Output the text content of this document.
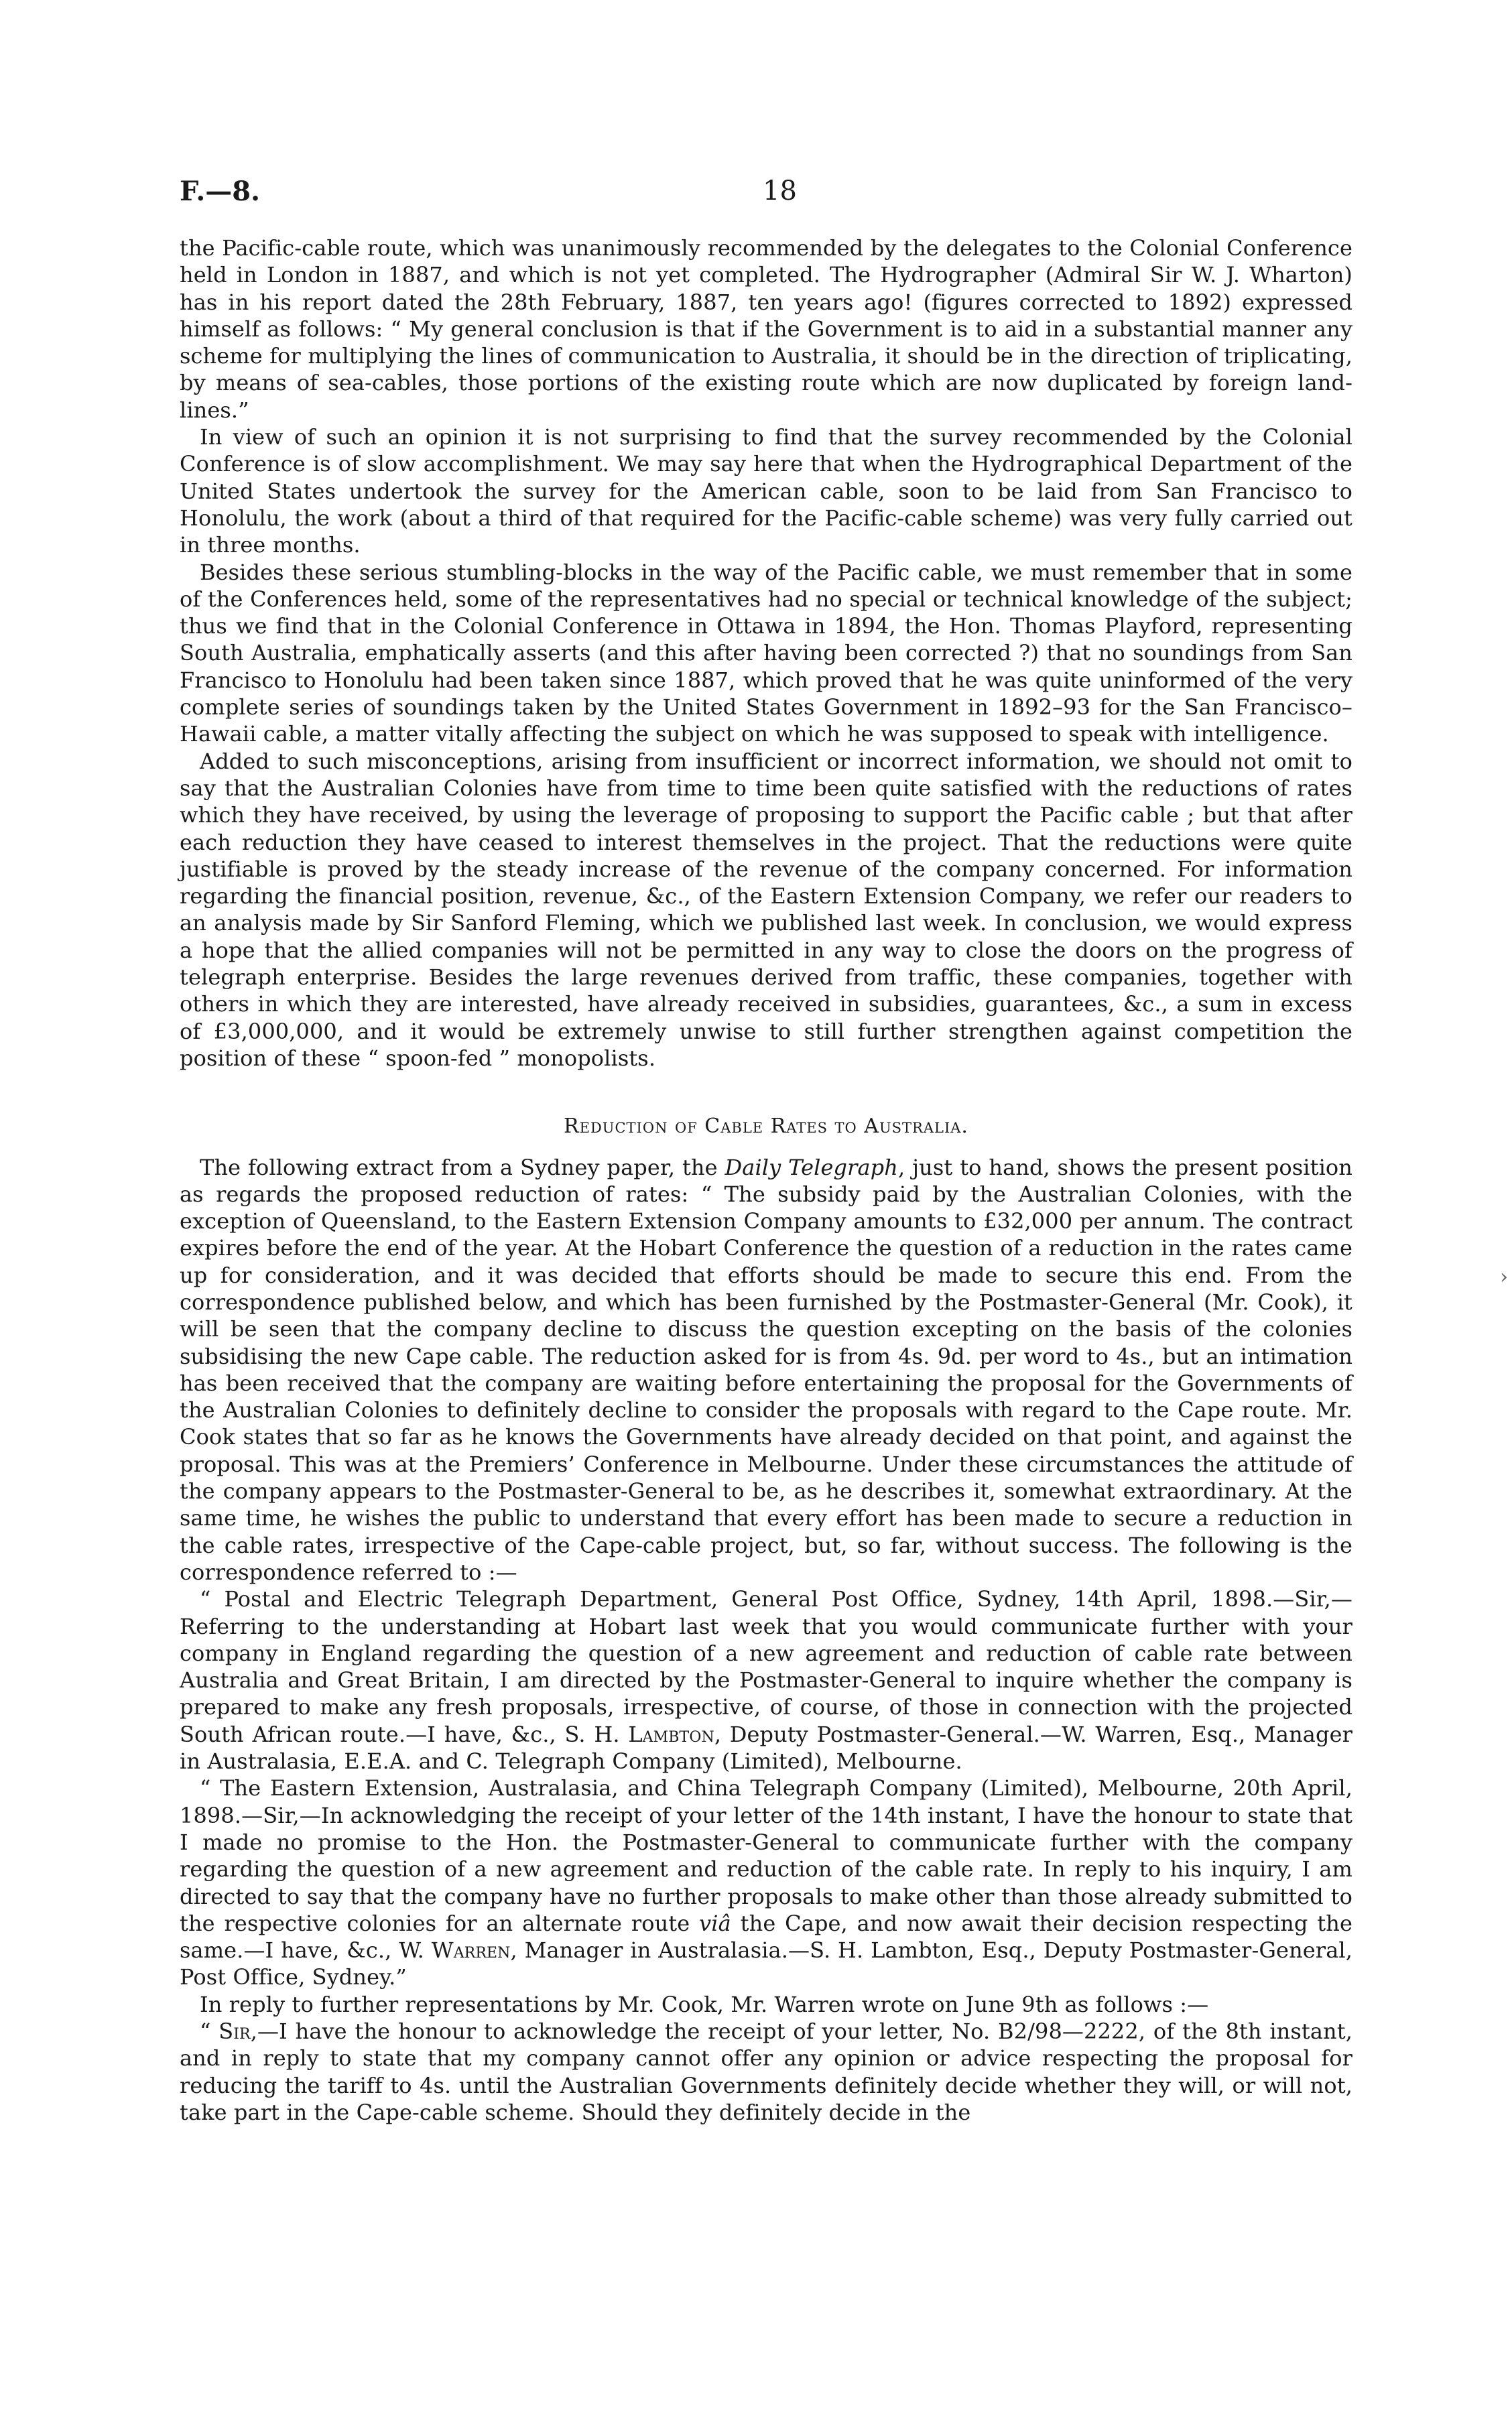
F.—8.	18

the Pacific-cable route, which was unanimously recommended by the delegates to the Colonial Conference held in London in 1887, and which is not yet completed. The Hydrographer (Admiral Sir W. J. Wharton) has in his report dated the 28th February, 1887, ten years ago! (figures corrected to 1892) expressed himself as follows: “ My general conclusion is that if the Government is to aid in a substantial manner any scheme for multiplying the lines of communication to Australia, it should be in the direction of triplicating, by means of sea-cables, those portions of the existing route which are now duplicated by foreign land-lines.”

In view of such an opinion it is not surprising to find that the survey recommended by the Colonial Conference is of slow accomplishment. We may say here that when the Hydrographical Department of the United States undertook the survey for the American cable, soon to be laid from San Francisco to Honolulu, the work (about a third of that required for the Pacific-cable scheme) was very fully carried out in three months.

Besides these serious stumbling-blocks in the way of the Pacific cable, we must remember that in some of the Conferences held, some of the representatives had no special or technical knowledge of the subject; thus we find that in the Colonial Conference in Ottawa in 1894, the Hon. Thomas Playford, representing South Australia, emphatically asserts (and this after having been corrected ?) that no soundings from San Francisco to Honolulu had been taken since 1887, which proved that he was quite uninformed of the very complete series of soundings taken by the United States Government in 1892–93 for the San Francisco–Hawaii cable, a matter vitally affecting the subject on which he was supposed to speak with intelligence.

Added to such misconceptions, arising from insufficient or incorrect information, we should not omit to say that the Australian Colonies have from time to time been quite satisfied with the reductions of rates which they have received, by using the leverage of proposing to support the Pacific cable ; but that after each reduction they have ceased to interest themselves in the project. That the reductions were quite justifiable is proved by the steady increase of the revenue of the company concerned. For information regarding the financial position, revenue, &c., of the Eastern Extension Company, we refer our readers to an analysis made by Sir Sanford Fleming, which we published last week. In conclusion, we would express a hope that the allied companies will not be permitted in any way to close the doors on the progress of telegraph enterprise. Besides the large revenues derived from traffic, these companies, together with others in which they are interested, have already received in subsidies, guarantees, &c., a sum in excess of £3,000,000, and it would be extremely unwise to still further strengthen against competition the position of these “ spoon-fed ” monopolists.

Reduction of Cable Rates to Australia.

The following extract from a Sydney paper, the Daily Telegraph, just to hand, shows the present position as regards the proposed reduction of rates: “ The subsidy paid by the Australian Colonies, with the exception of Queensland, to the Eastern Extension Company amounts to £32,000 per annum. The contract expires before the end of the year. At the Hobart Conference the question of a reduction in the rates came up for consideration, and it was decided that efforts should be made to secure this end. From the correspondence published below, and which has been furnished by the Postmaster-General (Mr. Cook), it will be seen that the company decline to discuss the question excepting on the basis of the colonies subsidising the new Cape cable. The reduction asked for is from 4s. 9d. per word to 4s., but an intimation has been received that the company are waiting before entertaining the proposal for the Governments of the Australian Colonies to definitely decline to consider the proposals with regard to the Cape route. Mr. Cook states that so far as he knows the Governments have already decided on that point, and against the proposal. This was at the Premiers’ Conference in Melbourne. Under these circumstances the attitude of the company appears to the Postmaster-General to be, as he describes it, somewhat extraordinary. At the same time, he wishes the public to understand that every effort has been made to secure a reduction in the cable rates, irrespective of the Cape-cable project, but, so far, without success. The following is the correspondence referred to :—

“ Postal and Electric Telegraph Department, General Post Office, Sydney, 14th April, 1898.—Sir,—Referring to the understanding at Hobart last week that you would communicate further with your company in England regarding the question of a new agreement and reduction of cable rate between Australia and Great Britain, I am directed by the Postmaster-General to inquire whether the company is prepared to make any fresh proposals, irrespective, of course, of those in connection with the projected South African route.—I have, &c., S. H. Lambton, Deputy Postmaster-General.—W. Warren, Esq., Manager in Australasia, E.E.A. and C. Telegraph Company (Limited), Melbourne.

“ The Eastern Extension, Australasia, and China Telegraph Company (Limited), Melbourne, 20th April, 1898.—Sir,—In acknowledging the receipt of your letter of the 14th instant, I have the honour to state that I made no promise to the Hon. the Postmaster-General to communicate further with the company regarding the question of a new agreement and reduction of the cable rate. In reply to his inquiry, I am directed to say that the company have no further proposals to make other than those already submitted to the respective colonies for an alternate route viâ the Cape, and now await their decision respecting the same.—I have, &c., W. Warren, Manager in Australasia.—S. H. Lambton, Esq., Deputy Postmaster-General, Post Office, Sydney.”

In reply to further representations by Mr. Cook, Mr. Warren wrote on June 9th as follows :—

“ Sir,—I have the honour to acknowledge the receipt of your letter, No. B2/98—2222, of the 8th instant, and in reply to state that my company cannot offer any opinion or advice respecting the proposal for reducing the tariff to 4s. until the Australian Governments definitely decide whether they will, or will not, take part in the Cape-cable scheme. Should they definitely decide in the

›
